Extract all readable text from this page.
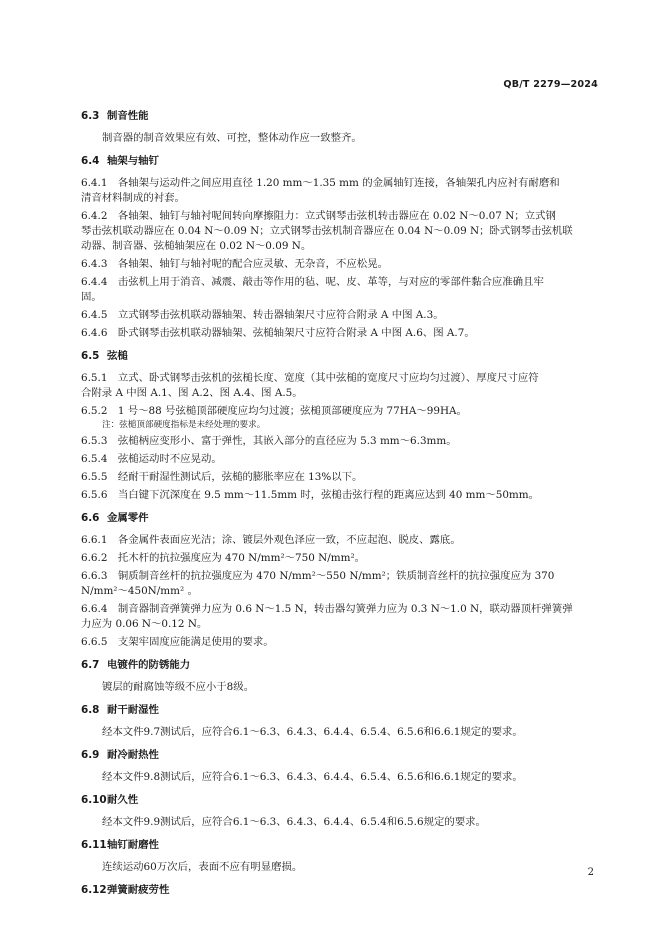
QB/T 2279—2024
6.3 制音性能
制音器的制音效果应有效、可控，整体动作应一致整齐。
6.4 轴架与轴钉
6.4.1　各轴架与运动件之间应用直径 1.20 mm～1.35 mm 的金属轴钉连接，各轴架孔内应衬有耐磨和
清音材料制成的衬套。
6.4.2　各轴架、轴钉与轴衬呢间转向摩擦阻力：立式钢琴击弦机转击器应在 0.02 N～0.07 N；立式钢
琴击弦机联动器应在 0.04 N～0.09 N；立式钢琴击弦机制音器应在 0.04 N～0.09 N；卧式钢琴击弦机联
动器、制音器、弦槌轴架应在 0.02 N～0.09 N。
6.4.3　各轴架、轴钉与轴衬呢的配合应灵敏、无杂音，不应松晃。
6.4.4　击弦机上用于消音、减震、敲击等作用的毡、呢、皮、革等，与对应的零部件黏合应准确且牢
固。
6.4.5　立式钢琴击弦机联动器轴架、转击器轴架尺寸应符合附录 A 中图 A.3。
6.4.6　卧式钢琴击弦机联动器轴架、弦槌轴架尺寸应符合附录 A 中图 A.6、图 A.7。
6.5 弦槌
6.5.1　立式、卧式钢琴击弦机的弦槌长度、宽度（其中弦槌的宽度尺寸应均匀过渡）、厚度尺寸应符
合附录 A 中图 A.1、图 A.2、图 A.4、图 A.5。
6.5.2　1 号～88 号弦槌顶部硬度应均匀过渡；弦槌顶部硬度应为 77HA～99HA。
注：弦槌顶部硬度指标是未经处理的要求。
6.5.3　弦槌柄应变形小、富于弹性，其嵌入部分的直径应为 5.3 mm～6.3mm。
6.5.4　弦槌运动时不应晃动。
6.5.5　经耐干耐湿性测试后，弦槌的膨胀率应在 13%以下。
6.5.6　当白键下沉深度在 9.5 mm～11.5mm 时，弦槌击弦行程的距离应达到 40 mm～50mm。
6.6 金属零件
6.6.1　各金属件表面应光洁；涂、镀层外观色泽应一致，不应起泡、脱皮、露底。
6.6.2　托木杆的抗拉强度应为 470 N/mm²～750 N/mm²。
6.6.3　铜质制音丝杆的抗拉强度应为 470 N/mm²～550 N/mm²；铁质制音丝杆的抗拉强度应为 370
N/mm²～450N/mm² 。
6.6.4　制音器制音弹簧弹力应为 0.6 N～1.5 N，转击器勾簧弹力应为 0.3 N～1.0 N，联动器顶杆弹簧弹
力应为 0.06 N～0.12 N。
6.6.5　支架牢固度应能满足使用的要求。
6.7 电镀件的防锈能力
镀层的耐腐蚀等级不应小于8级。
6.8 耐干耐湿性
经本文件9.7测试后，应符合6.1～6.3、6.4.3、6.4.4、6.5.4、6.5.6和6.6.1规定的要求。
6.9 耐冷耐热性
经本文件9.8测试后，应符合6.1～6.3、6.4.3、6.4.4、6.5.4、6.5.6和6.6.1规定的要求。
6.10耐久性
经本文件9.9测试后，应符合6.1～6.3、6.4.3、6.4.4、6.5.4和6.5.6规定的要求。
6.11轴钉耐磨性
连续运动60万次后，表面不应有明显磨损。
6.12弹簧耐疲劳性
2
